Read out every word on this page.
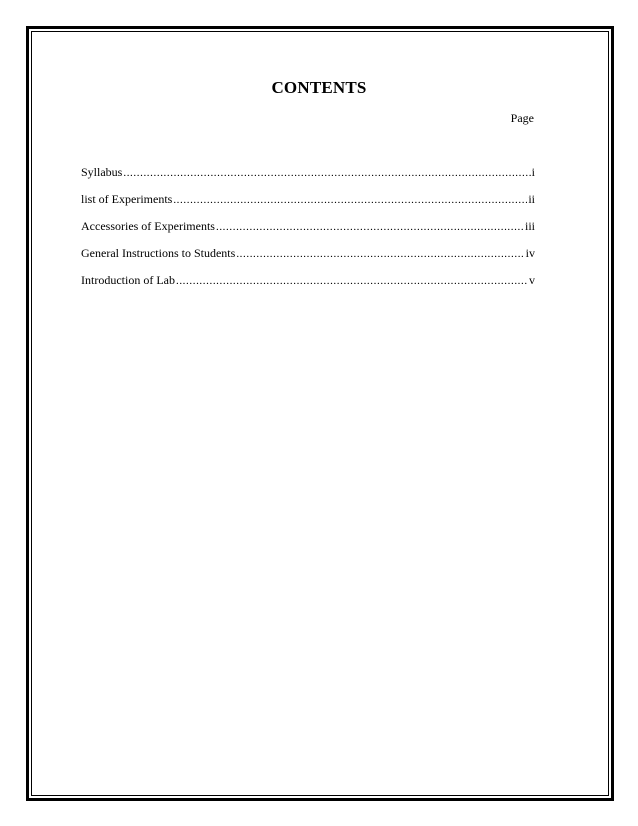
CONTENTS
Page
Syllabus .....	i
list of Experiments .....	ii
Accessories of Experiments .....	iii
General Instructions to Students .....	iv
Introduction of Lab .....	v
